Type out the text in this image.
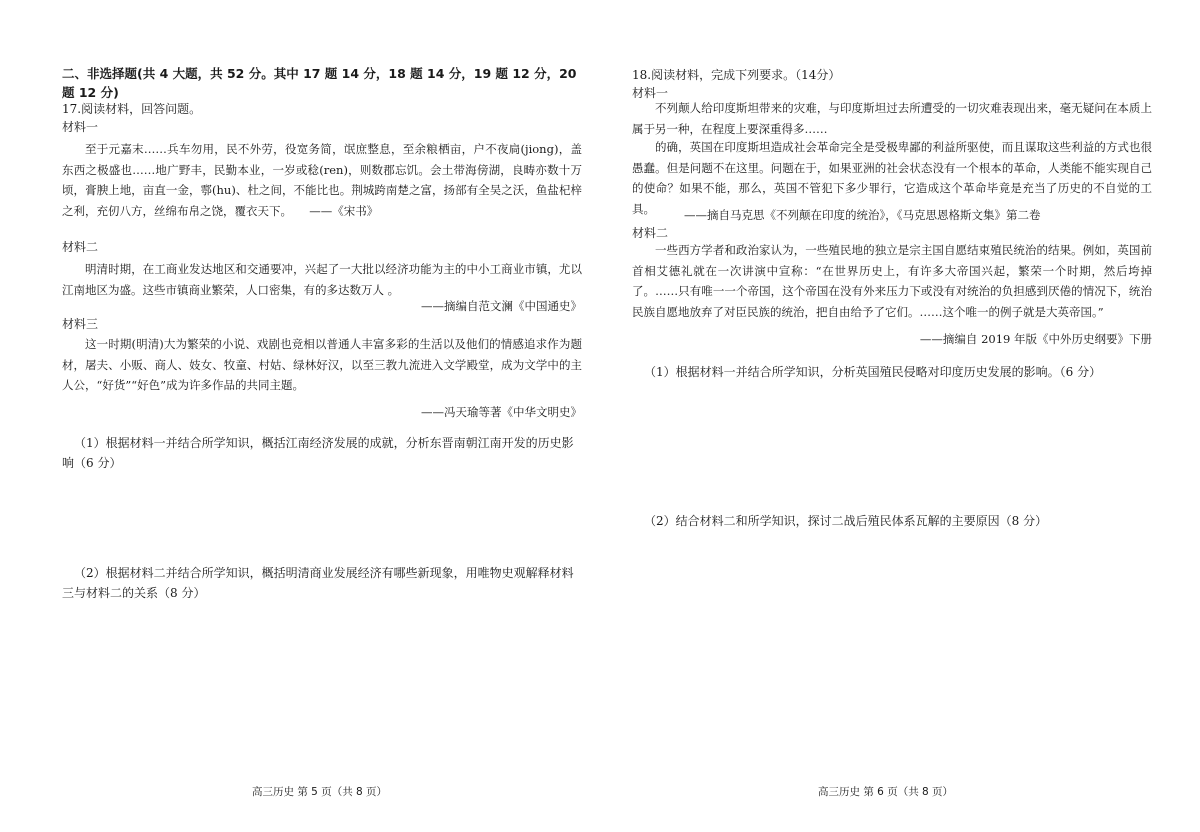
二、非选择题(共 4 大题，共 52 分。其中 17 题 14 分，18 题 14 分，19 题 12 分，20 题 12 分)
17.阅读材料，回答问题。
材料一
至于元嘉末……兵车勿用，民不外劳，役宽务简，氓庶整息，至余粮栖亩，户不夜扃(jiong)，盖东西之极盛也……地广野丰，民勤本业，一岁或稔(ren)，则数郡忘饥。会土带海傍湖，良畴亦数十万顷，膏腴上地，亩直一金，鄠(hu)、杜之间，不能比也。荆城跨南楚之富，扬部有全吴之沃，鱼盐杞梓之利，充仞八方，丝绵布帛之饶，覆衣天下。　　——《宋书》
材料二
明清时期，在工商业发达地区和交通要冲，兴起了一大批以经济功能为主的中小工商业市镇，尤以江南地区为盛。这些市镇商业繁荣，人口密集，有的多达数万人 。
——摘编自范文澜《中国通史》
材料三
这一时期(明清)大为繁荣的小说、戏剧也竞相以普通人丰富多彩的生活以及他们的情感追求作为题材，屠夫、小贩、商人、妓女、牧童、村姑、绿林好汉，以至三教九流进入文学殿堂，成为文学中的主人公，“好货”“好色”成为许多作品的共同主题。
——冯天瑜等著《中华文明史》
（1）根据材料一并结合所学知识，概括江南经济发展的成就，分析东晋南朝江南开发的历史影响（6 分）
（2）根据材料二并结合所学知识，概括明清商业发展经济有哪些新现象，用唯物史观解释材料三与材料二的关系（8 分）
高三历史 第 5 页（共 8 页）
18.阅读材料，完成下列要求。（14分）
材料一
不列颠人给印度斯坦带来的灾难，与印度斯坦过去所遭受的一切灾难表现出来，毫无疑问在本质上属于另一种，在程度上要深重得多……
的确，英国在印度斯坦造成社会革命完全是受极卑鄙的利益所驱使，而且谋取这些利益的方式也很愚蠢。但是问题不在这里。问题在于，如果亚洲的社会状态没有一个根本的革命，人类能不能实现自己的使命？如果不能，那么，英国不管犯下多少罪行，它造成这个革命毕竟是充当了历史的不自觉的工具。	——摘自马克思《不列颠在印度的统治》，《马克思恩格斯文集》第二卷
材料二
一些西方学者和政治家认为，一些殖民地的独立是宗主国自愿结束殖民统治的结果。例如，英国前首相艾德礼就在一次讲演中宣称：“在世界历史上，有许多大帝国兴起，繁荣一个时期，然后垮掉了。……只有唯一一个帝国，这个帝国在没有外来压力下或没有对统治的负担感到厌倦的情况下，统治民族自愿地放弃了对臣民族的统治，把自由给予了它们。……这个唯一的例子就是大英帝国。”
——摘编自 2019 年版《中外历史纲要》下册
（1）根据材料一并结合所学知识，分析英国殖民侵略对印度历史发展的影响。（6 分）
（2）结合材料二和所学知识，探讨二战后殖民体系瓦解的主要原因（8 分）
高三历史 第 6 页（共 8 页）
